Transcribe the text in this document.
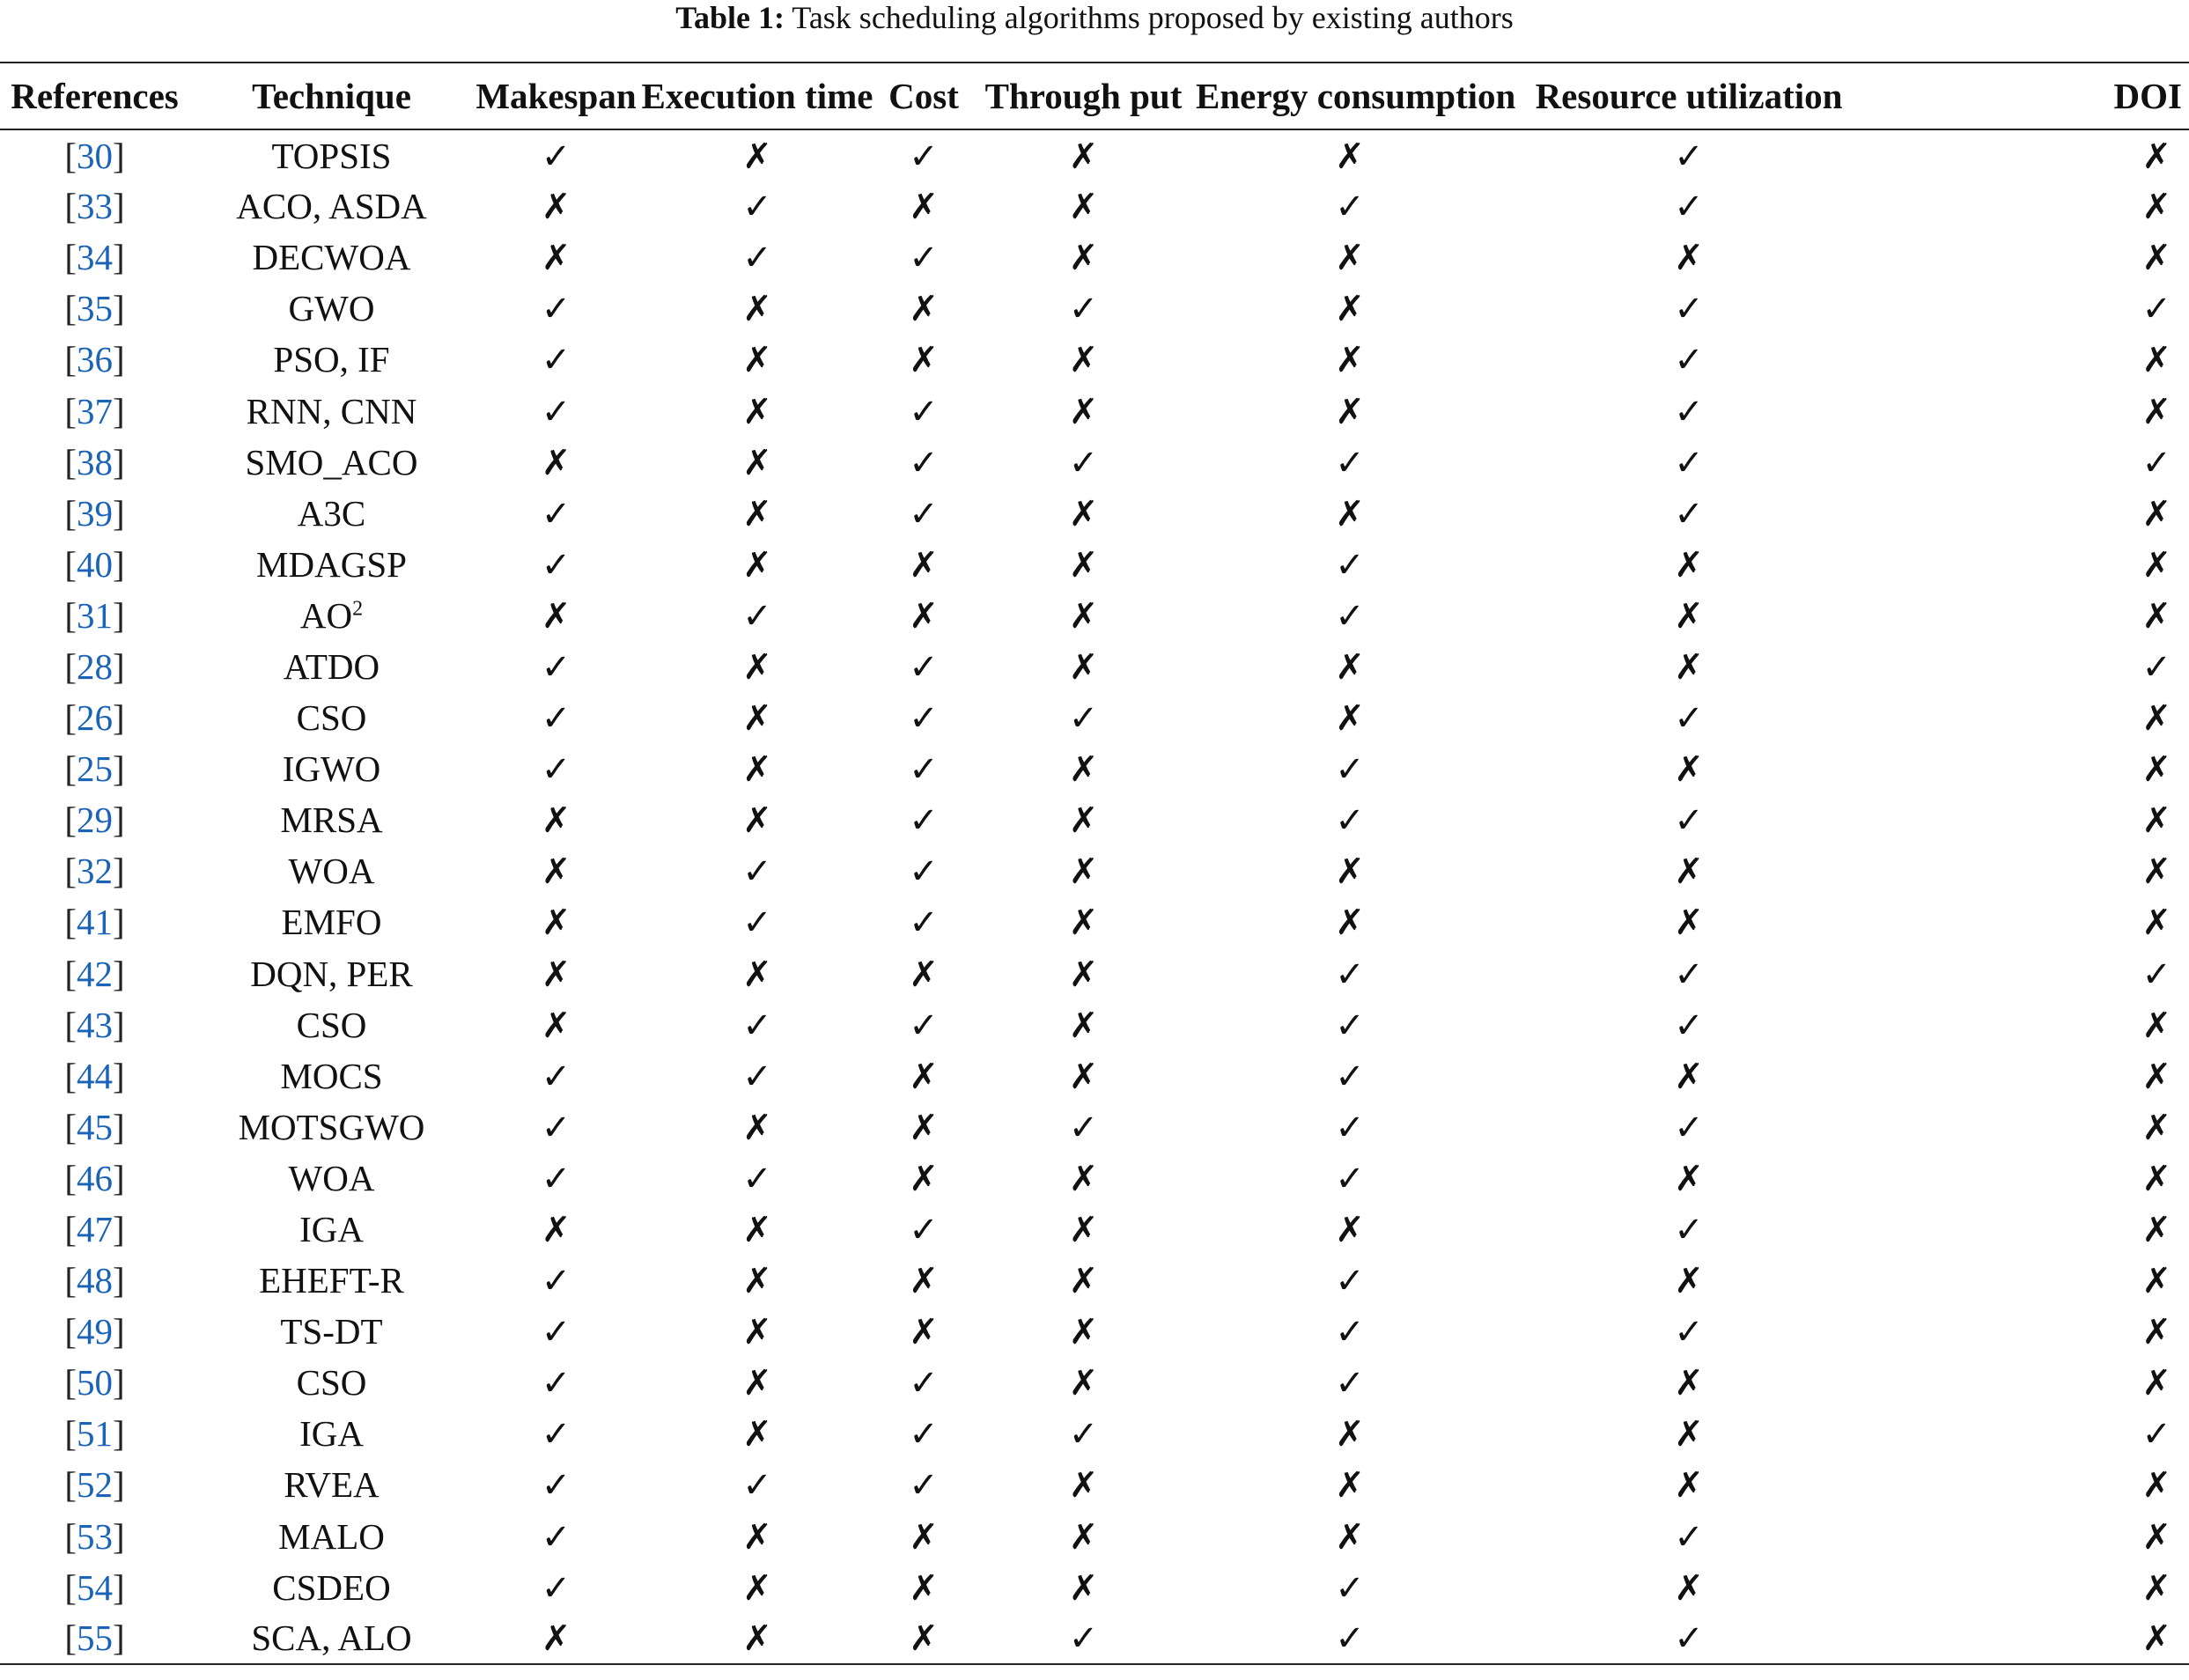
Table 1: Task scheduling algorithms proposed by existing authors
References	Technique	Makespan	Execution time	Cost	Through put	Energy consumption	Resource utilization	DOI
[30]	TOPSIS	✓	✗	✓	✗	✗	✓	✗
[33]	ACO, ASDA	✗	✓	✗	✗	✓	✓	✗
[34]	DECWOA	✗	✓	✓	✗	✗	✗	✗
[35]	GWO	✓	✗	✗	✓	✗	✓	✓
[36]	PSO, IF	✓	✗	✗	✗	✗	✓	✗
[37]	RNN, CNN	✓	✗	✓	✗	✗	✓	✗
[38]	SMO_ACO	✗	✗	✓	✓	✓	✓	✓
[39]	A3C	✓	✗	✓	✗	✗	✓	✗
[40]	MDAGSP	✓	✗	✗	✗	✓	✗	✗
[31]	$AO^2$	✗	✓	✗	✗	✓	✗	✗
[28]	ATDO	✓	✗	✓	✗	✗	✗	✓
[26]	CSO	✓	✗	✓	✓	✗	✓	✗
[25]	IGWO	✓	✗	✓	✗	✓	✗	✗
[29]	MRSA	✗	✗	✓	✗	✓	✓	✗
[32]	WOA	✗	✓	✓	✗	✗	✗	✗
[41]	EMFO	✗	✓	✓	✗	✗	✗	✗
[42]	DQN, PER	✗	✗	✗	✗	✓	✓	✓
[43]	CSO	✗	✓	✓	✗	✓	✓	✗
[44]	MOCS	✓	✓	✗	✗	✓	✗	✗
[45]	MOTSGWO	✓	✗	✗	✓	✓	✓	✗
[46]	WOA	✓	✓	✗	✗	✓	✗	✗
[47]	IGA	✗	✗	✓	✗	✗	✓	✗
[48]	EHEFT-R	✓	✗	✗	✗	✓	✗	✗
[49]	TS-DT	✓	✗	✗	✗	✓	✓	✗
[50]	CSO	✓	✗	✓	✗	✓	✗	✗
[51]	IGA	✓	✗	✓	✓	✗	✗	✓
[52]	RVEA	✓	✓	✓	✗	✗	✗	✗
[53]	MALO	✓	✗	✗	✗	✗	✓	✗
[54]	CSDEO	✓	✗	✗	✗	✓	✗	✗
[55]	SCA, ALO	✗	✗	✗	✓	✓	✓	✗
